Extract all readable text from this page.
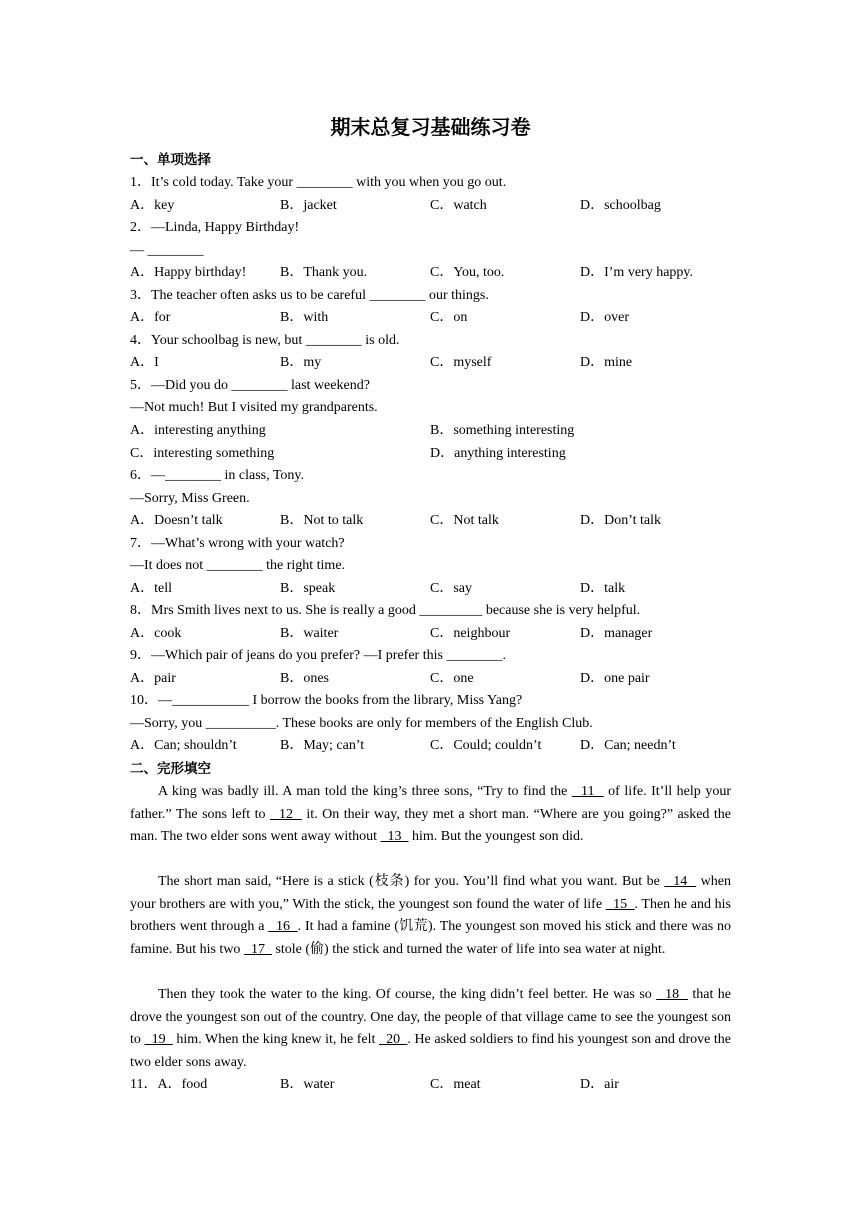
期末总复习基础练习卷
一、单项选择
1．It’s cold today. Take your ________ with you when you go out.
A．key	B．jacket	C．watch	D．schoolbag
2．—Linda, Happy Birthday!
— ________
A．Happy birthday! B．Thank you.	C．You, too.	D．I’m very happy.
3．The teacher often asks us to be careful ________ our things.
A．for	B．with	C．on	D．over
4．Your schoolbag is new, but ________ is old.
A．I	B．my	C．myself	D．mine
5．—Did you do ________ last weekend?
—Not much! But I visited my grandparents.
A．interesting anything	B．something interesting
C．interesting something	D．anything interesting
6．—________ in class, Tony.
—Sorry, Miss Green.
A．Doesn’t talk	B．Not to talk	C．Not talk	D．Don’t talk
7．—What’s wrong with your watch?
—It does not ________ the right time.
A．tell	B．speak	C．say	D．talk
8．Mrs Smith lives next to us. She is really a good _________ because she is very helpful.
A．cook	B．waiter	C．neighbour	D．manager
9．—Which pair of jeans do you prefer? —I prefer this ________.
A．pair	B．ones	C．one	D．one pair
10．—___________ I borrow the books from the library, Miss Yang?
—Sorry, you __________. These books are only for members of the English Club.
A．Can; shouldn’t	B．May; can’t	C．Could; couldn’t	D．Can; needn’t
二、完形填空

A king was badly ill. A man told the king’s three sons, “Try to find the   11   of life. It’ll help your father.” The sons left to   12   it. On their way, they met a short man. “Where are you going?” asked the man. The two elder sons went away without   13   him. But the youngest son did.

The short man said, “Here is a stick (枝条) for you. You’ll find what you want. But be   14   when your brothers are with you,” With the stick, the youngest son found the water of life   15  . Then he and his brothers went through a   16  . It had a famine (饥荒). The youngest son moved his stick and there was no famine. But his two   17   stole (偷) the stick and turned the water of life into sea water at night.

Then they took the water to the king. Of course, the king didn’t feel better. He was so   18   that he drove the youngest son out of the country. One day, the people of that village came to see the youngest son to   19   him. When the king knew it, he felt   20  . He asked soldiers to find his youngest son and drove the two elder sons away.

11．A．food	B．water	C．meat	D．air
